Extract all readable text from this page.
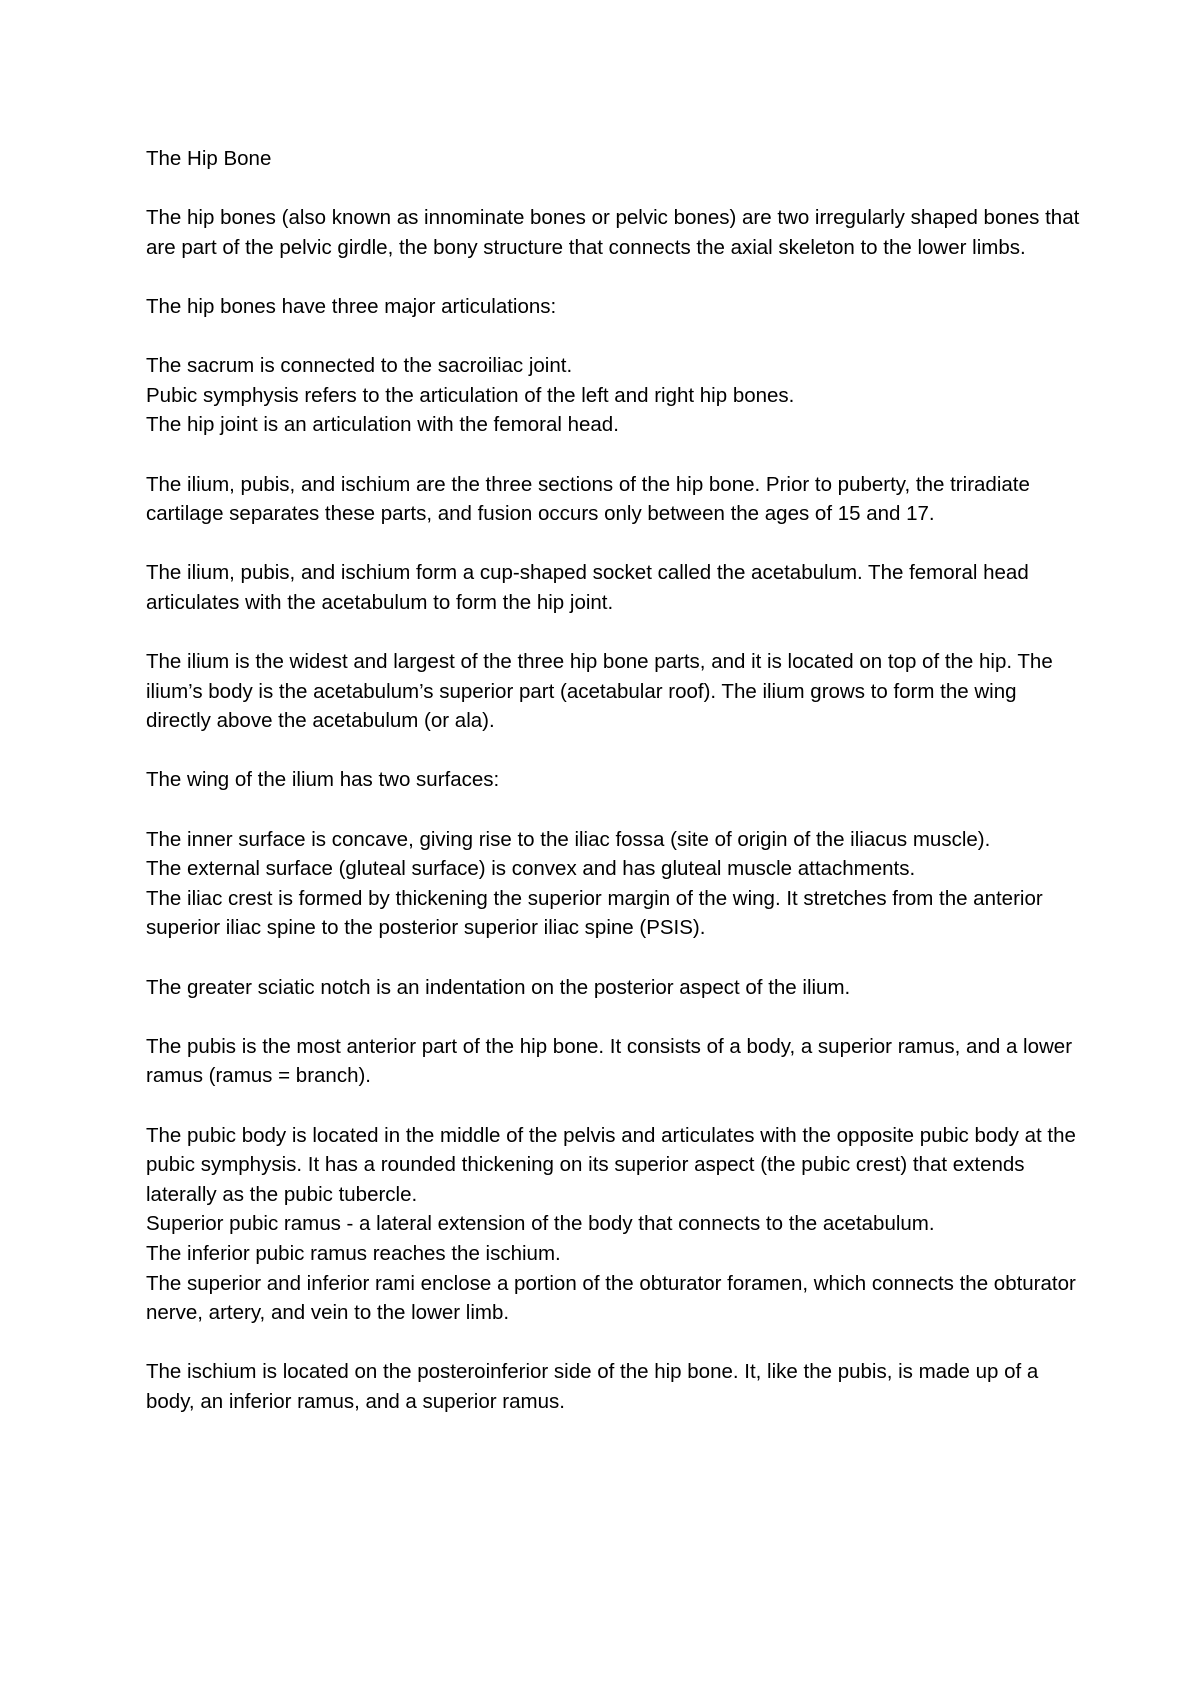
The Hip Bone

The hip bones (also known as innominate bones or pelvic bones) are two irregularly shaped bones that are part of the pelvic girdle, the bony structure that connects the axial skeleton to the lower limbs.

The hip bones have three major articulations:

The sacrum is connected to the sacroiliac joint.

Pubic symphysis refers to the articulation of the left and right hip bones.

The hip joint is an articulation with the femoral head.

The ilium, pubis, and ischium are the three sections of the hip bone. Prior to puberty, the triradiate cartilage separates these parts, and fusion occurs only between the ages of 15 and 17.

The ilium, pubis, and ischium form a cup-shaped socket called the acetabulum. The femoral head articulates with the acetabulum to form the hip joint.

The ilium is the widest and largest of the three hip bone parts, and it is located on top of the hip. The ilium’s body is the acetabulum’s superior part (acetabular roof). The ilium grows to form the wing directly above the acetabulum (or ala).

The wing of the ilium has two surfaces:

The inner surface is concave, giving rise to the iliac fossa (site of origin of the iliacus muscle).

The external surface (gluteal surface) is convex and has gluteal muscle attachments.

The iliac crest is formed by thickening the superior margin of the wing. It stretches from the anterior superior iliac spine to the posterior superior iliac spine (PSIS).

The greater sciatic notch is an indentation on the posterior aspect of the ilium.

The pubis is the most anterior part of the hip bone. It consists of a body, a superior ramus, and a lower ramus (ramus = branch).

The pubic body is located in the middle of the pelvis and articulates with the opposite pubic body at the pubic symphysis. It has a rounded thickening on its superior aspect (the pubic crest) that extends laterally as the pubic tubercle.

Superior pubic ramus - a lateral extension of the body that connects to the acetabulum.

The inferior pubic ramus reaches the ischium.

The superior and inferior rami enclose a portion of the obturator foramen, which connects the obturator nerve, artery, and vein to the lower limb.

The ischium is located on the posteroinferior side of the hip bone. It, like the pubis, is made up of a body, an inferior ramus, and a superior ramus.
